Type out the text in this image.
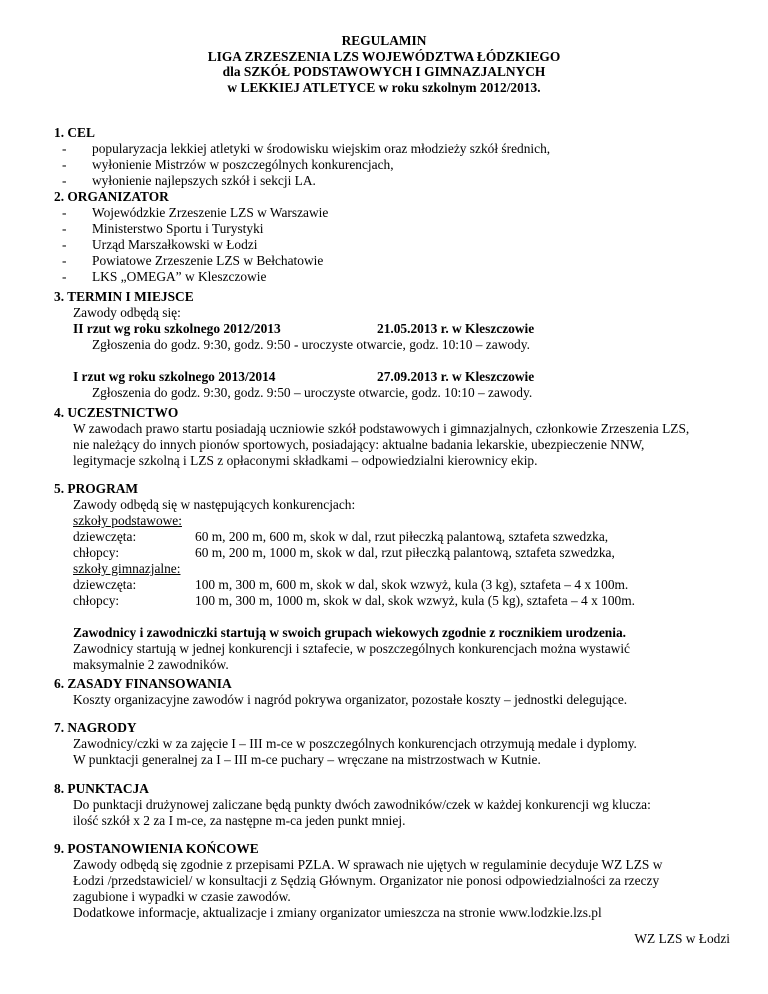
REGULAMIN
LIGA ZRZESZENIA LZS WOJEWÓDZTWA ŁÓDZKIEGO
dla SZKÓŁ PODSTAWOWYCH I GIMNAZJALNYCH
w LEKKIEJ ATLETYCE w roku szkolnym 2012/2013.
1. CEL
- popularyzacja lekkiej atletyki w środowisku wiejskim oraz młodzieży szkół średnich,
- wyłonienie Mistrzów w poszczególnych konkurencjach,
- wyłonienie najlepszych szkół i sekcji LA.
2. ORGANIZATOR
- Wojewódzkie Zrzeszenie LZS w Warszawie
- Ministerstwo Sportu i Turystyki
- Urząd Marszałkowski w Łodzi
- Powiatowe Zrzeszenie LZS w Bełchatowie
- LKS „OMEGA” w Kleszczowie
3. TERMIN I MIEJSCE
Zawody odbędą się:
II rzut wg roku szkolnego 2012/2013	21.05.2013 r. w Kleszczowie
Zgłoszenia do godz. 9:30, godz. 9:50 - uroczyste otwarcie, godz. 10:10 – zawody.
I rzut wg roku szkolnego 2013/2014	27.09.2013 r. w Kleszczowie
Zgłoszenia do godz. 9:30, godz. 9:50 – uroczyste otwarcie, godz. 10:10 – zawody.
4. UCZESTNICTWO
W zawodach prawo startu posiadają uczniowie szkół podstawowych i gimnazjalnych, członkowie Zrzeszenia LZS,
nie należący do innych pionów sportowych, posiadający: aktualne badania lekarskie, ubezpieczenie NNW,
legitymacje szkolną i LZS z opłaconymi składkami – odpowiedzialni kierownicy ekip.
5. PROGRAM
Zawody odbędą się w następujących konkurencjach:
szkoły podstawowe:
dziewczęta:	60 m, 200 m, 600 m, skok w dal, rzut piłeczką palantową, sztafeta szwedzka,
chłopcy:	60 m, 200 m, 1000 m, skok w dal, rzut piłeczką palantową, sztafeta szwedzka,
szkoły gimnazjalne:
dziewczęta:	100 m, 300 m, 600 m, skok w dal, skok wzwyż, kula (3 kg), sztafeta – 4 x 100m.
chłopcy:	100 m, 300 m, 1000 m, skok w dal, skok wzwyż, kula (5 kg), sztafeta – 4 x 100m.
Zawodnicy i zawodniczki startują w swoich grupach wiekowych zgodnie z rocznikiem urodzenia.
Zawodnicy startują w jednej konkurencji i sztafecie, w poszczególnych konkurencjach można wystawić
maksymalnie 2 zawodników.
6. ZASADY FINANSOWANIA
Koszty organizacyjne zawodów i nagród pokrywa organizator, pozostałe koszty – jednostki delegujące.
7. NAGRODY
Zawodnicy/czki w za zajęcie I – III m-ce w poszczególnych konkurencjach otrzymują medale i dyplomy.
W punktacji generalnej za I – III m-ce puchary – wręczane na mistrzostwach w Kutnie.
8. PUNKTACJA
Do punktacji drużynowej zaliczane będą punkty dwóch zawodników/czek w każdej konkurencji wg klucza:
ilość szkół x 2 za I m-ce, za następne m-ca jeden punkt mniej.
9. POSTANOWIENIA KOŃCOWE
Zawody odbędą się zgodnie z przepisami PZLA. W sprawach nie ujętych w regulaminie decyduje WZ LZS w
Łodzi /przedstawiciel/ w konsultacji z Sędzią Głównym. Organizator nie ponosi odpowiedzialności za rzeczy
zagubione i wypadki w czasie zawodów.
Dodatkowe informacje, aktualizacje i zmiany organizator umieszcza na stronie www.lodzkie.lzs.pl
WZ LZS w Łodzi
